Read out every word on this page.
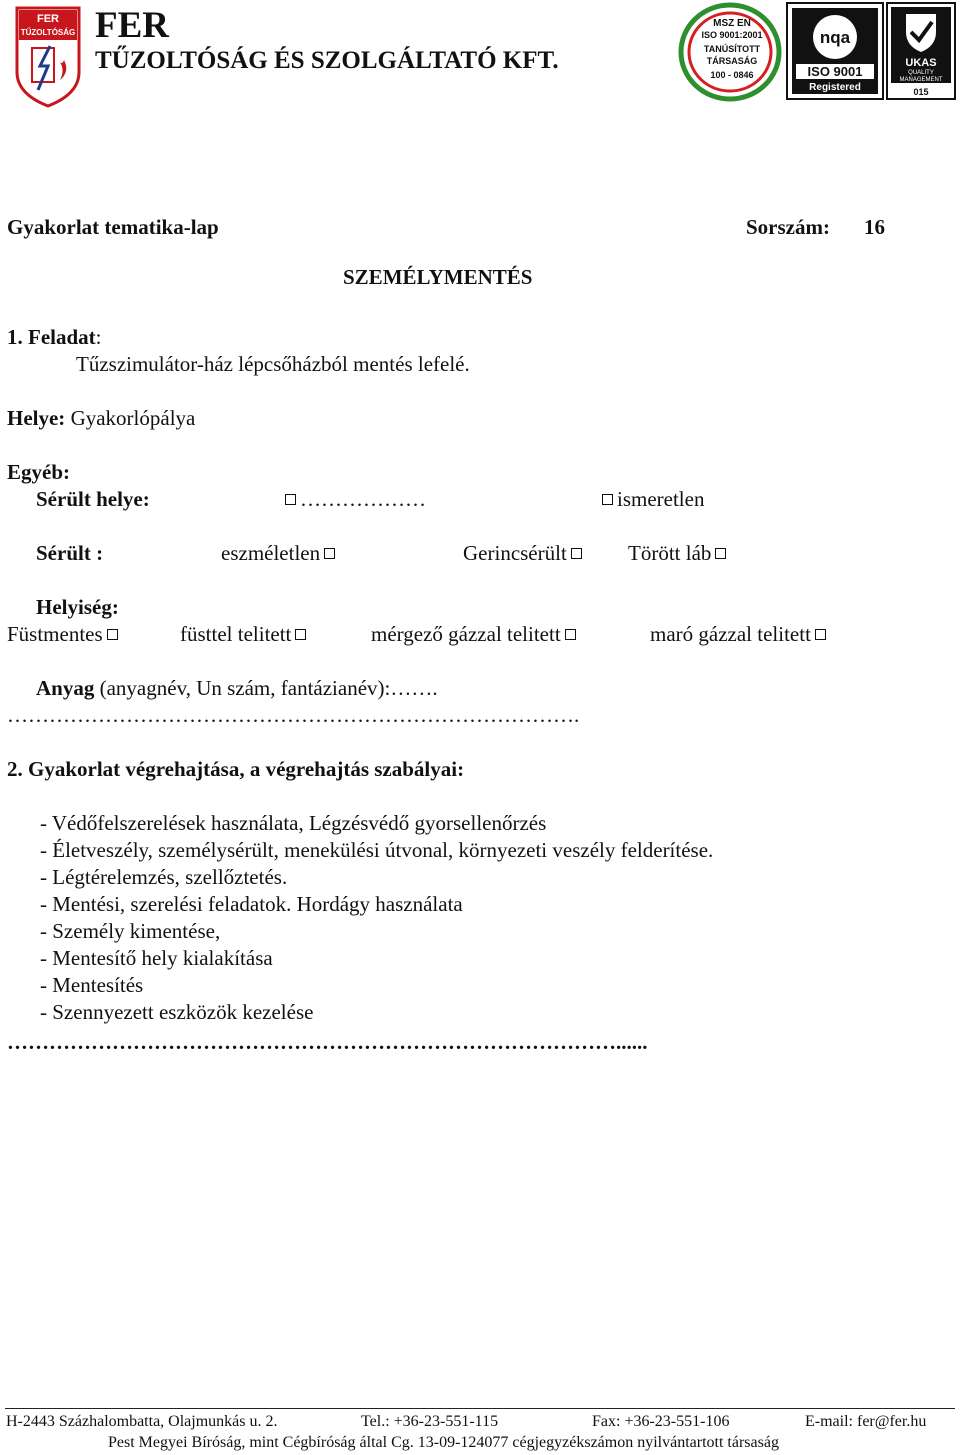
FER
TŰZOLTÓSÁG FER
TŰZOLTÓSÁG ÉS SZOLGÁLTATÓ KFT.
MSZ EN
ISO 9001:2001
TANÚSÍTOTT
TÁRSASÁG
100 - 0846
nqa
ISO 9001
Registered
UKAS
QUALITY
MANAGEMENT
015
Gyakorlat tematika-lap	Sorszám: 16
SZEMÉLYMENTÉS
1. Feladat:
Tűzszimulátor-ház lépcsőházból mentés lefelé.
Helye: Gyakorlópálya
Egyéb:
Sérült helye:	………………	ismeretlen
Sérült :	eszméletlen	Gerincsérült	Törött láb
Helyiség:
Füstmentes	füsttel telitett	mérgező gázzal telitett	maró gázzal telitett
Anyag (anyagnév, Un szám, fantázianév):…….
……………………………………………………………………….
2. Gyakorlat végrehajtása, a végrehajtás szabályai:
- Védőfelszerelések használata, Légzésvédő gyorsellenőrzés
- Életveszély, személysérült, menekülési útvonal, környezeti veszély felderítése.
- Légtérelemzés, szellőztetés.
- Mentési, szerelési feladatok. Hordágy használata
- Személy kimentése,
- Mentesítő hely kialakítása
- Mentesítés
- Szennyezett eszközök kezelése
……………………………………………………………………………......
H-2443 Százhalombatta, Olajmunkás u. 2.	Tel.: +36-23-551-115	Fax: +36-23-551-106	E-mail: fer@fer.hu
Pest Megyei Bíróság, mint Cégbíróság által Cg. 13-09-124077 cégjegyzékszámon nyilvántartott társaság
